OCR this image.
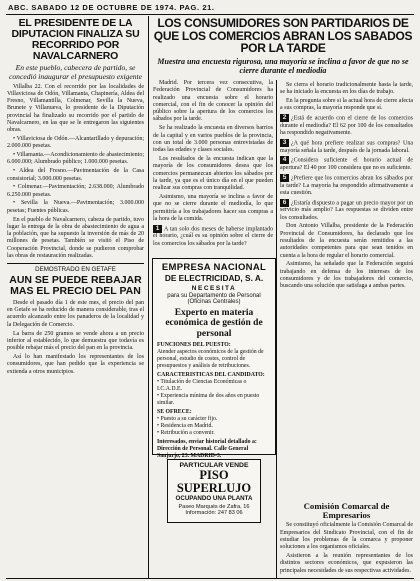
ABC. SABADO 12 DE OCTUBRE DE 1974. PAG. 21.

EL PRESIDENTE DE LA DIPUTACION FINALIZA SU RECORRIDO POR NAVALCARNERO

En este pueblo, cabecera de partido, se concedió inaugurar el presupuesto exigente

Villalba 22. Con el recorrido por las localidades de Villaviciosa de Odón, Villamanta, Chapinería, Aldea del Fresno, Villamantilla, Colmenar, Sevilla la Nueva, Brunete y Villanueva, lo presidente de la Diputación provincial ha finalizado su recorrido por el partido de Navalcarnero, en las que se le entregaron las siguientes obras.

• Villaviciosa de Odón.—Alcantarillado y depuración; 2.000.000 pesetas.

• Villamanta.—Acondicionamiento de abastecimiento; 6.000.000; Alumbrado público; 1.000.000 pesetas.

• Aldea del Fresno.—Pavimentación de la Casa consistorial; 3.000.000 pesetas.

• Colmenar.—Pavimentación; 2.638.000; Alumbrado 6.250.000 pesetas.

• Sevilla la Nueva.—Pavimentación; 3.000.000 pesetas; Fuentes públicas.

En el pueblo de Navalcarnero, cabeza de partido, tuvo lugar la entrega de la obra de abastecimiento de agua a la población, que ha supuesto la inversión de más de 20 millones de pesetas. También se visitó el Piso de Cooperación Provincial, donde se pudieron comprobar las obras de restauración realizadas.

DEMOSTRADO EN GETAFE

AUN SE PUEDE REBAJAR MAS EL PRECIO DEL PAN

Desde el pasado día 1 de este mes, el precio del pan en Getafe se ha reducido de manera considerable, tras el acuerdo alcanzado entre los panaderos de la localidad y la Delegación de Comercio.

La barra de 250 gramos se vende ahora a un precio inferior al establecido, lo que demuestra que todavía es posible rebajar más el precio del pan en la provincia.

Así lo han manifestado los representantes de los consumidores, que han pedido que la experiencia se extienda a otros municipios.

LOS CONSUMIDORES SON PARTIDARIOS DE QUE LOS COMERCIOS ABRAN LOS SABADOS POR LA TARDE

Muestra una encuesta rigurosa, una mayoría se inclina a favor de que no se cierre durante el mediodía

Madrid. Por tercera vez consecutiva, la Federación Provincial de Consumidores ha realizado una encuesta sobre el horario comercial, con el fin de conocer la opinión del público sobre la apertura de los comercios los sábados por la tarde.

Se ha realizado la encuesta en diversos barrios de la capital y en varios pueblos de la provincia, con un total de 3.000 personas entrevistadas de todas las edades y clases sociales.

Los resultados de la encuesta indican que la mayoría de los consumidores desea que los comercios permanezcan abiertos los sábados por la tarde, ya que es el único día en el que pueden realizar sus compras con tranquilidad.

Asimismo, una mayoría se inclina a favor de que no se cierre durante el mediodía, lo que permitiría a los trabajadores hacer sus compras a la hora de la comida.

1 A tan solo dos meses de haberse implantado el horario, ¿cuál es su opinión sobre el cierre de los comercios los sábados por la tarde?

EMPRESA NACIONAL

DE ELECTRICIDAD, S. A.

NECESITA

para su Departamento de Personal (Oficinas Centrales)

Experto en materia económica de gestión de personal

FUNCIONES DEL PUESTO:

Atender aspectos económicos de la gestión de personal, estudio de costes, control de presupuestos y análisis de retribuciones.

CARACTERISTICAS DEL CANDIDATO:

• Titulación de Ciencias Económicas o I.C.A.D.E.

• Experiencia mínima de dos años en puesto similar.

SE OFRECE:

• Puesto a su carácter fijo.

• Residencia en Madrid.

• Retribución a convenir.

Interesados, enviar historial detallado a: Dirección de Personal. Calle General Sanjurjo, 23. MADRID-3.

PARTICULAR VENDE

PISO SUPERLUJO

OCUPANDO UNA PLANTA

Paseo Marqués de Zafra, 16

Información: 247 83 06

Se cierra el horario tradicionalmente hasta la tarde, se ha iniciado la encuesta en los días de trabajo.

En la pregunta sobre si la actual hora de cierre afecta a sus compras, la mayoría responde que sí.

2 ¿Está de acuerdo con el cierre de los comercios durante el mediodía? El 62 por 100 de los consultados ha respondido negativamente.

3 ¿A qué hora prefiere realizar sus compras? Una mayoría señala la tarde, después de la jornada laboral.

4 ¿Considera suficiente el horario actual de apertura? El 40 por 100 considera que no es suficiente.

5 ¿Prefiere que los comercios abran los sábados por la tarde? La mayoría ha respondido afirmativamente a esta cuestión.

6 ¿Estaría dispuesto a pagar un precio mayor por un servicio más amplio? Las respuestas se dividen entre los consultados.

Don Antonio Villalba, presidente de la Federación Provincial de Consumidores, ha declarado que los resultados de la encuesta serán remitidos a las autoridades competentes para que sean tenidos en cuenta a la hora de regular el horario comercial.

Asimismo, ha señalado que la Federación seguirá trabajando en defensa de los intereses de los consumidores y de los trabajadores del comercio, buscando una solución que satisfaga a ambas partes.

Comisión Comarcal de Empresarios

Se constituyó oficialmente la Comisión Comarcal de Empresarios del Sindicato Provincial, con el fin de estudiar los problemas de la comarca y proponer soluciones a los organismos oficiales.

Asistieron a la reunión representantes de los distintos sectores económicos, que expusieron las principales necesidades de sus respectivas actividades.
